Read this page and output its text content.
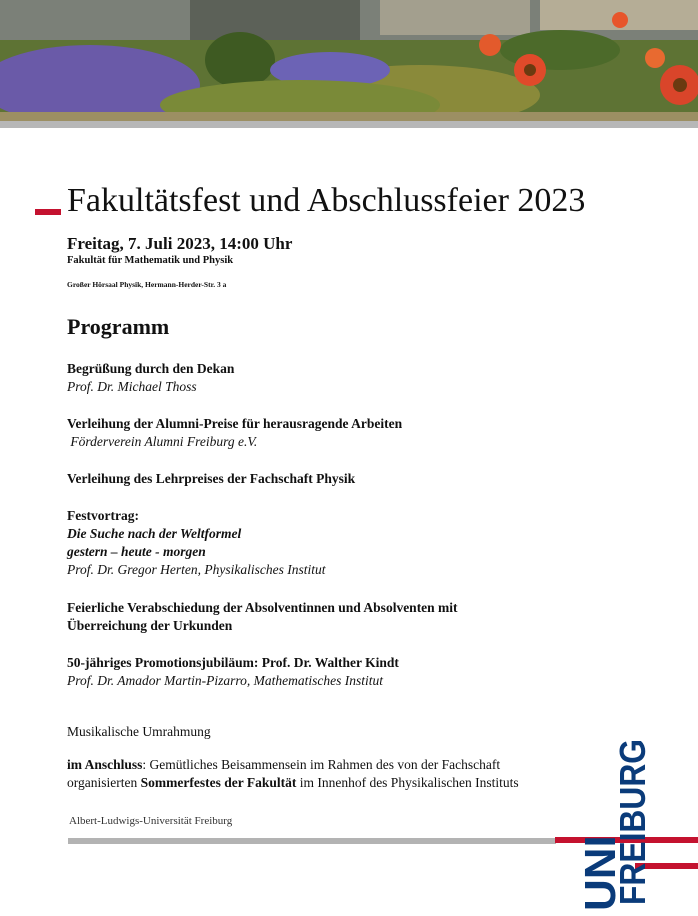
Fakultätsfest und Abschlussfeier 2023
Freitag, 7. Juli 2023, 14:00 Uhr
Fakultät für Mathematik und Physik
Großer Hörsaal Physik, Hermann-Herder-Str. 3 a
Programm
Begrüßung durch den Dekan
Prof. Dr. Michael Thoss
Verleihung der Alumni-Preise für herausragende Arbeiten
Förderverein Alumni Freiburg e.V.
Verleihung des Lehrpreises der Fachschaft Physik
Festvortrag:
Die Suche nach der Weltformel
gestern – heute - morgen
Prof. Dr. Gregor Herten, Physikalisches Institut
Feierliche Verabschiedung der Absolventinnen und Absolventen mit
Überreichung der Urkunden
50-jähriges Promotionsjubiläum: Prof. Dr. Walther Kindt
Prof. Dr. Amador Martin-Pizarro, Mathematisches Institut
Musikalische Umrahmung
im Anschluss: Gemütliches Beisammensein im Rahmen des von der Fachschaft
organisierten Sommerfestes der Fakultät im Innenhof des Physikalischen Instituts
Albert-Ludwigs-Universität Freiburg
UNI
FREIBURG
